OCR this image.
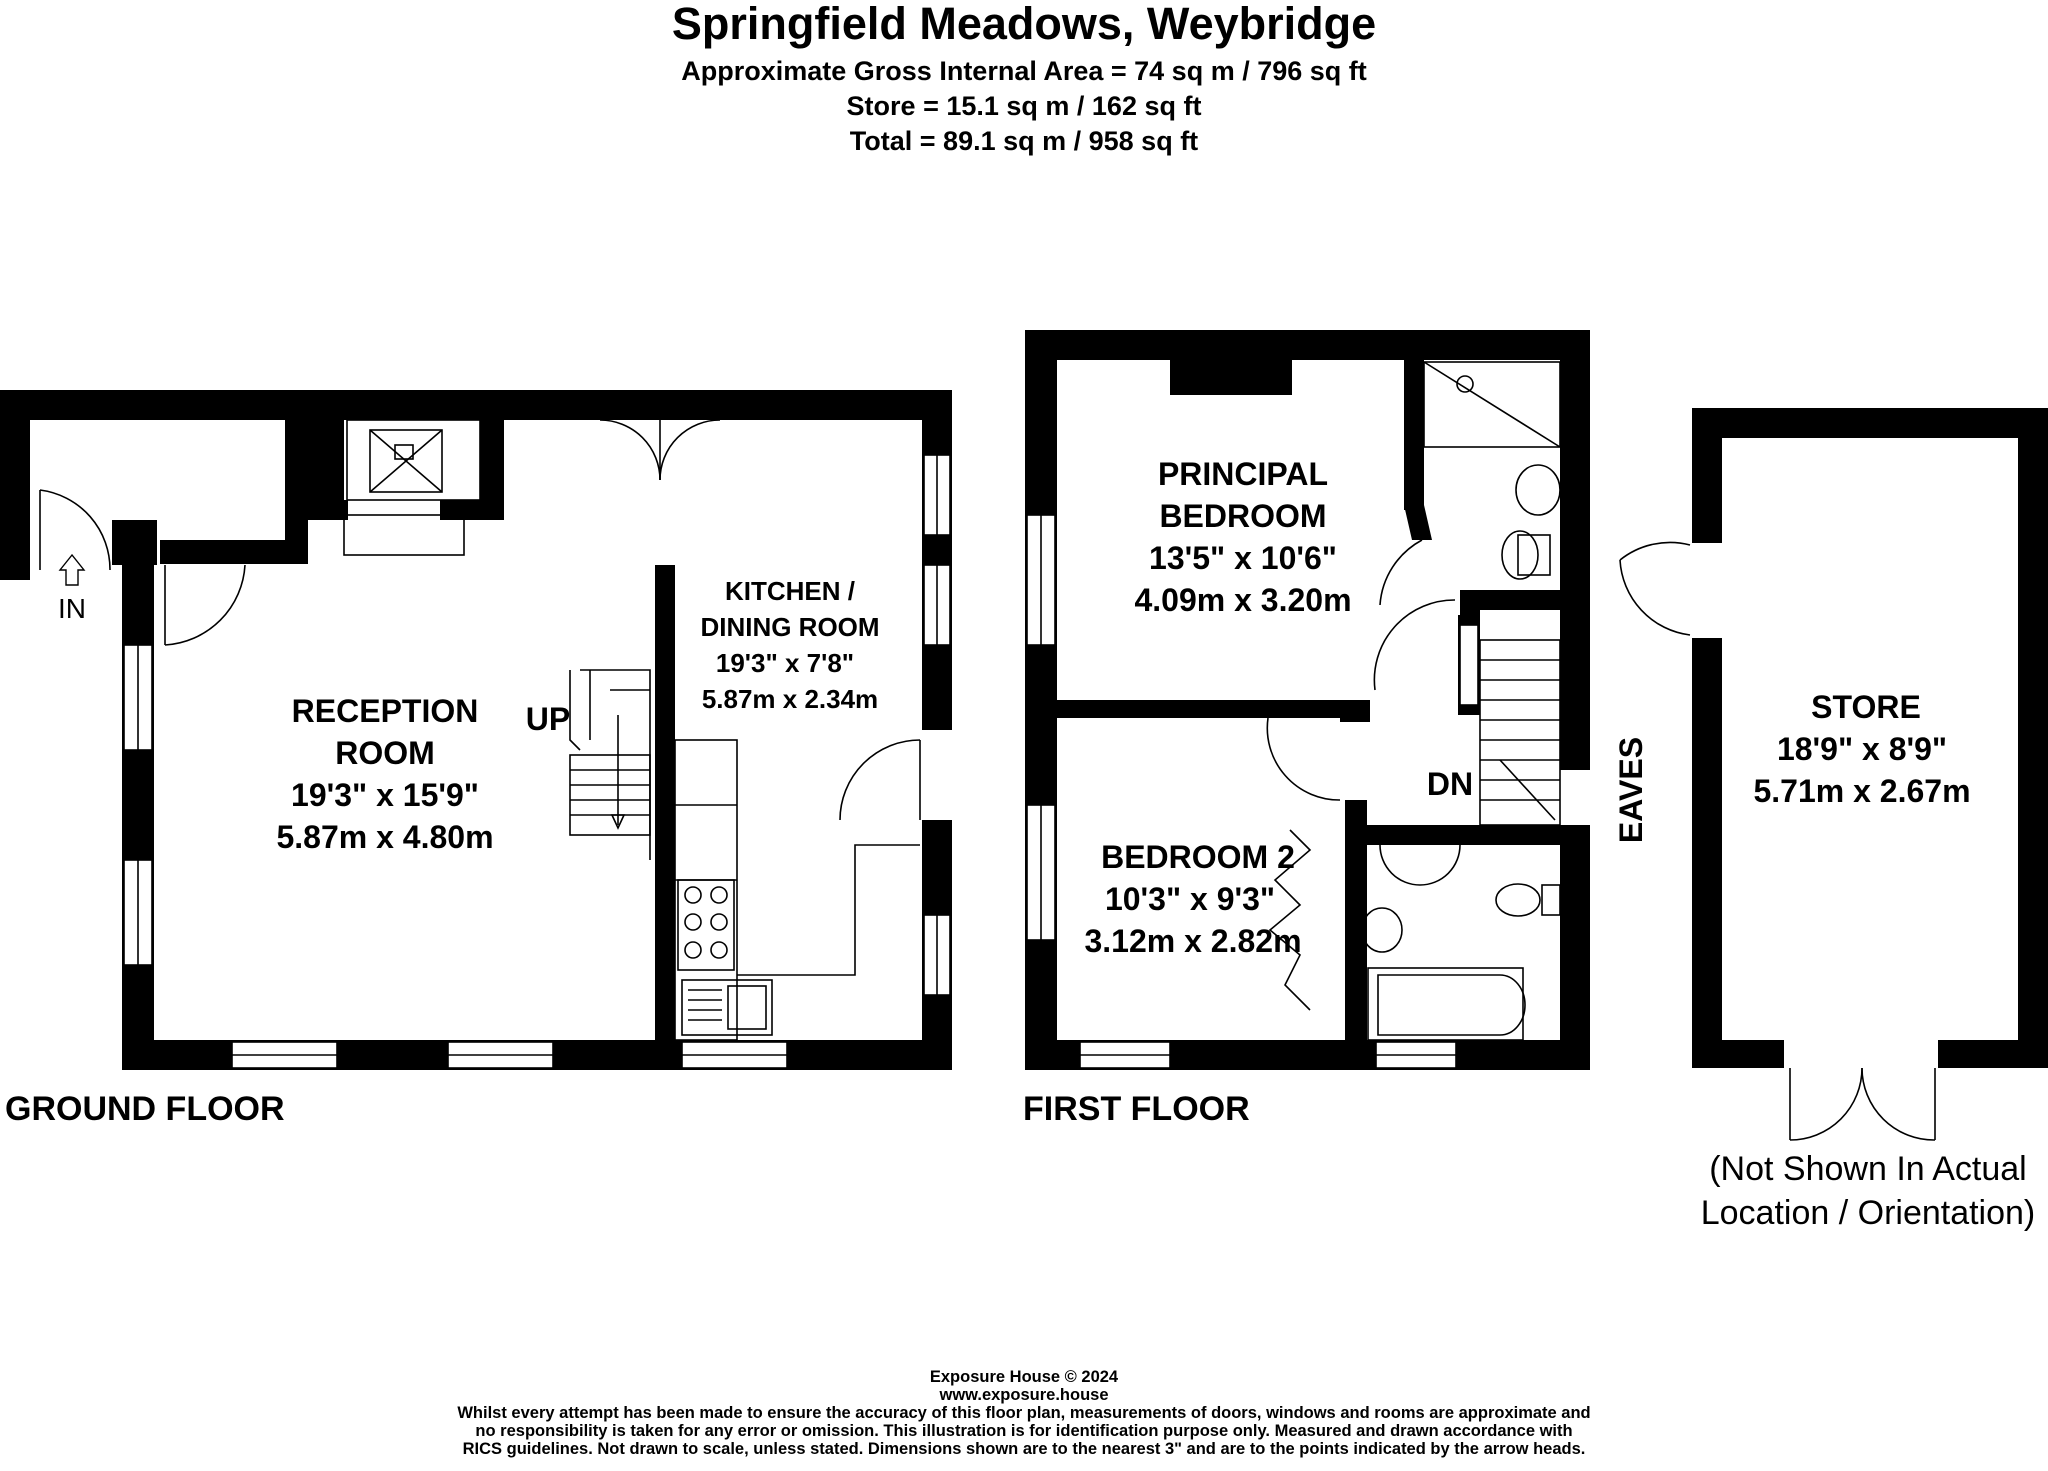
Springfield Meadows, Weybridge
Approximate Gross Internal Area = 74 sq m / 796 sq ft
Store = 15.1 sq m / 162 sq ft
Total = 89.1 sq m / 958 sq ft
IN
UP
RECEPTION
ROOM
19'3" x 15'9"
5.87m x 4.80m
KITCHEN /
DINING ROOM
19'3" x 7'8"
5.87m x 2.34m
GROUND FLOOR
PRINCIPAL
BEDROOM
13'5" x 10'6"
4.09m x 3.20m
BEDROOM 2
10'3" x 9'3"
3.12m x 2.82m
DN	EAVES
FIRST FLOOR
STORE
18'9" x 8'9"
5.71m x 2.67m
(Not Shown In Actual
Location / Orientation)
Exposure House © 2024
www.exposure.house
Whilst every attempt has been made to ensure the accuracy of this floor plan, measurements of doors, windows and rooms are approximate and
no responsibility is taken for any error or omission. This illustration is for identification purpose only. Measured and drawn accordance with
RICS guidelines. Not drawn to scale, unless stated. Dimensions shown are to the nearest 3" and are to the points indicated by the arrow heads.
